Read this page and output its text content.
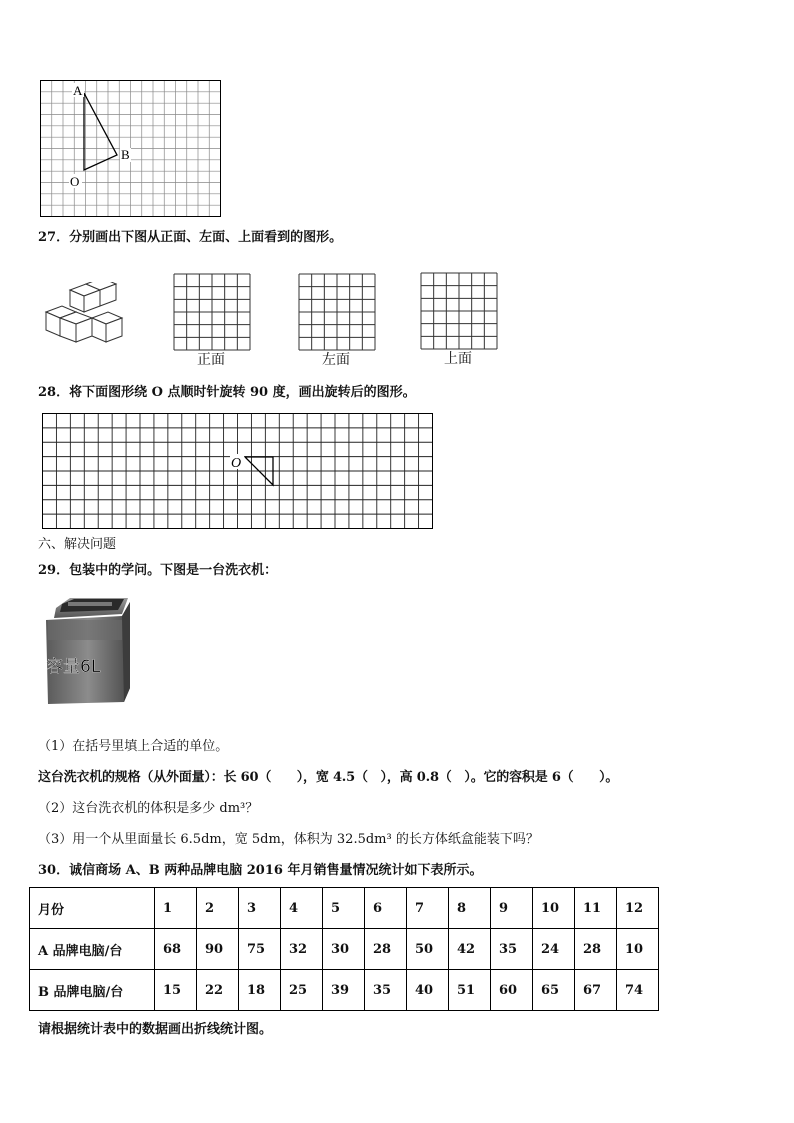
A
B
O
27．分别画出下图从正面、左面、上面看到的图形。
正面	左面	上面
28．将下面图形绕 O 点顺时针旋转 90 度，画出旋转后的图形。
O
六、解决问题
29．包装中的学问。下图是一台洗衣机：
容量6L
（1）在括号里填上合适的单位。
这台洗衣机的规格（从外面量）：长 60（　　），宽 4.5（　），高 0.8（　）。它的容积是 6（　　）。
（2）这台洗衣机的体积是多少 dm³？
（3）用一个从里面量长 6.5dm，宽 5dm，体积为 32.5dm³ 的长方体纸盒能装下吗？
30．诚信商场 A、B 两种品牌电脑 2016 年月销售量情况统计如下表所示。
月份	1	2	3	4	5	6	7	8	9	10	11	12
A 品牌电脑/台	68	90	75	32	30	28	50	42	35	24	28	10
B 品牌电脑/台	15	22	18	25	39	35	40	51	60	65	67	74
请根据统计表中的数据画出折线统计图。
